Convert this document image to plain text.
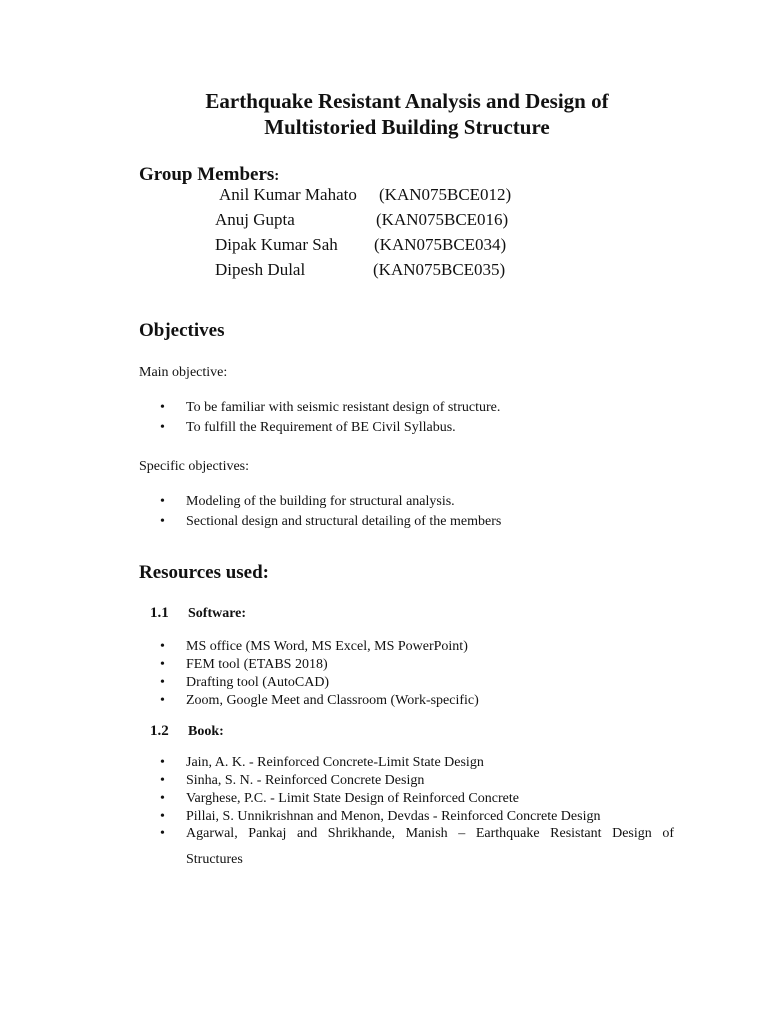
Earthquake Resistant Analysis and Design of
Multistoried Building Structure
Group Members:
Anil Kumar Mahato (KAN075BCE012)
Anuj Gupta	(KAN075BCE016)
Dipak Kumar Sah (KAN075BCE034)
Dipesh Dulal	(KAN075BCE035)
Objectives
Main objective:
• To be familiar with seismic resistant design of structure.
• To fulfill the Requirement of BE Civil Syllabus.
Specific objectives:
• Modeling of the building for structural analysis.
• Sectional design and structural detailing of the members
Resources used:
1.1 Software:
• MS office (MS Word, MS Excel, MS PowerPoint)
• FEM tool (ETABS 2018)
• Drafting tool (AutoCAD)
• Zoom, Google Meet and Classroom (Work-specific)
1.2 Book:
• Jain, A. K. - Reinforced Concrete-Limit State Design
• Sinha, S. N. - Reinforced Concrete Design
• Varghese, P.C. - Limit State Design of Reinforced Concrete
• Pillai, S. Unnikrishnan and Menon, Devdas - Reinforced Concrete Design
• Agarwal, Pankaj and Shrikhande, Manish – Earthquake Resistant Design of
Structures
